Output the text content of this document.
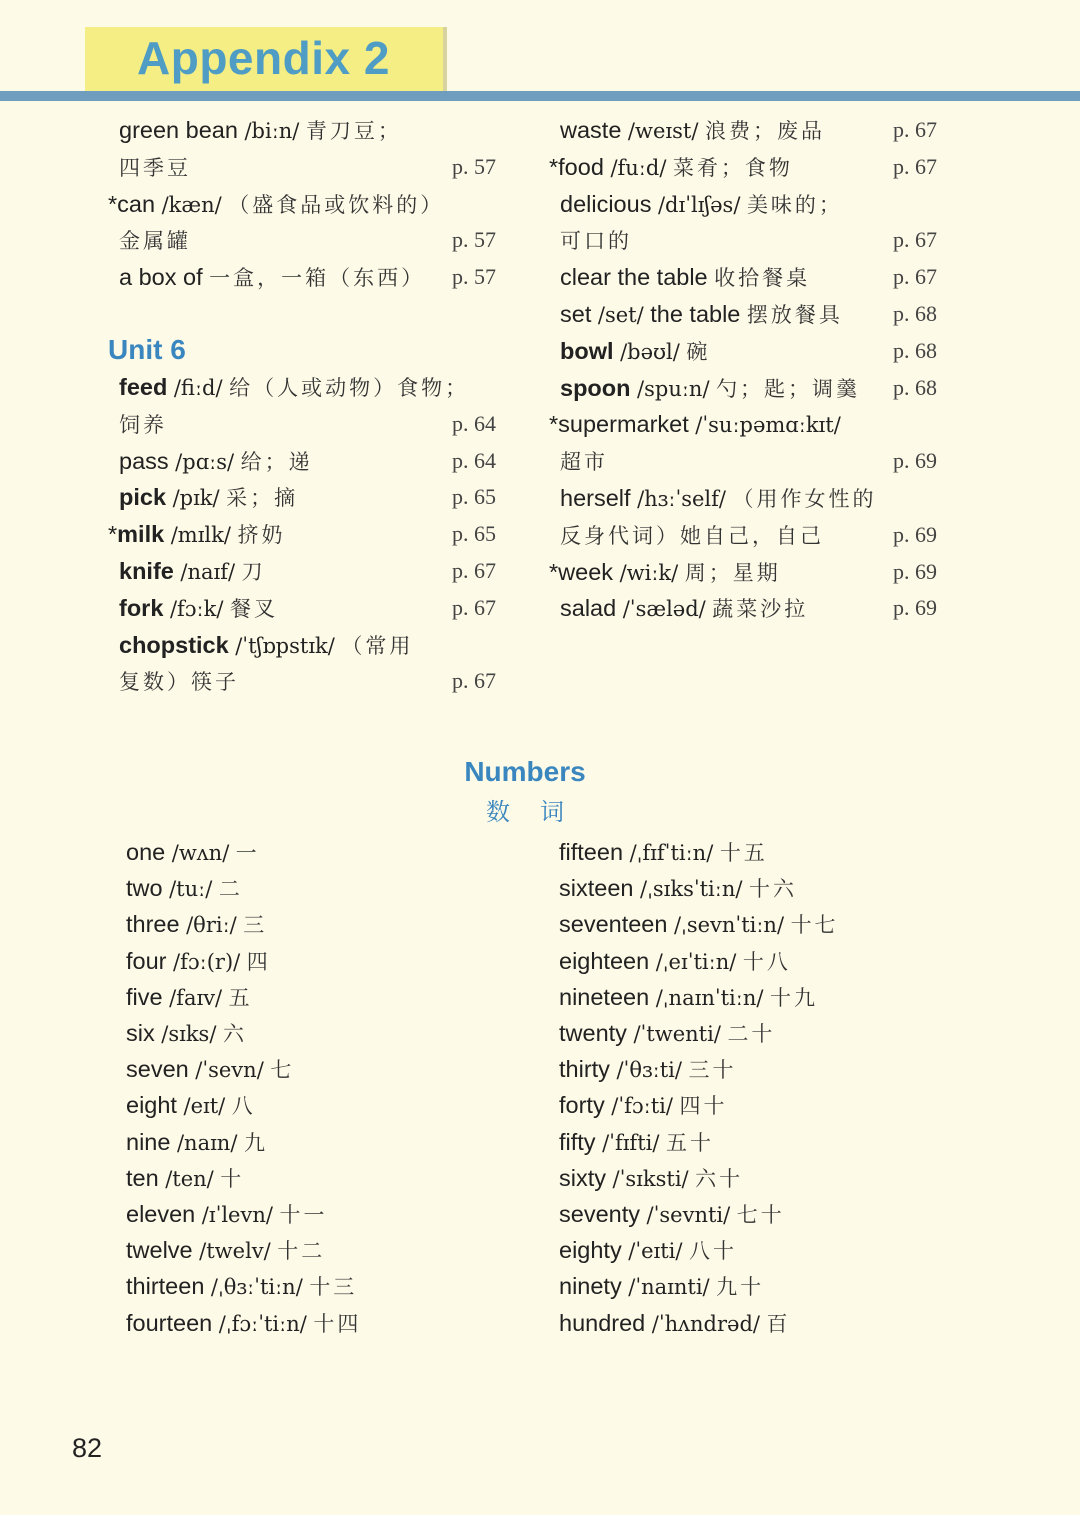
Appendix 2
green bean /biːn/ 青刀豆；
四季豆	p. 57
*can /kæn/ （盛食品或饮料的）
金属罐	p. 57
a box of 一盒，一箱（东西） p. 57
Unit 6
feed /fiːd/ 给（人或动物）食物；
饲养	p. 64
pass /pɑːs/ 给；递	p. 64
pick /pɪk/ 采；摘	p. 65
*milk /mɪlk/ 挤奶	p. 65
knife /naɪf/ 刀	p. 67
fork /fɔːk/ 餐叉	p. 67
chopstick /ˈtʃɒpstɪk/ （常用
复数）筷子	p. 67
waste /weɪst/ 浪费；废品	p. 67
*food /fuːd/ 菜肴；食物	p. 67
delicious /dɪˈlɪʃəs/ 美味的；
可口的	p. 67
clear the table 收拾餐桌	p. 67
set /set/ the table 摆放餐具 p. 68
bowl /bəʊl/ 碗	p. 68
spoon /spuːn/ 勺；匙；调羹 p. 68
*supermarket /ˈsuːpəmɑːkɪt/
超市	p. 69
herself /hɜːˈself/ （用作女性的
反身代词）她自己，自己	p. 69
*week /wiːk/ 周；星期	p. 69
salad /ˈsæləd/ 蔬菜沙拉	p. 69
Numbers
数词
one /wʌn/ 一
two /tuː/ 二
three /θriː/ 三
four /fɔː(r)/ 四
five /faɪv/ 五
six /sɪks/ 六
seven /ˈsevn/ 七
eight /eɪt/ 八
nine /naɪn/ 九
ten /ten/ 十
eleven /ɪˈlevn/ 十一
twelve /twelv/ 十二
thirteen /ˌθɜːˈtiːn/ 十三
fourteen /ˌfɔːˈtiːn/ 十四
fifteen /ˌfɪfˈtiːn/ 十五
sixteen /ˌsɪksˈtiːn/ 十六
seventeen /ˌsevnˈtiːn/ 十七
eighteen /ˌeɪˈtiːn/ 十八
nineteen /ˌnaɪnˈtiːn/ 十九
twenty /ˈtwenti/ 二十
thirty /ˈθɜːti/ 三十
forty /ˈfɔːti/ 四十
fifty /ˈfɪfti/ 五十
sixty /ˈsɪksti/ 六十
seventy /ˈsevnti/ 七十
eighty /ˈeɪti/ 八十
ninety /ˈnaɪnti/ 九十
hundred /ˈhʌndrəd/ 百
82
